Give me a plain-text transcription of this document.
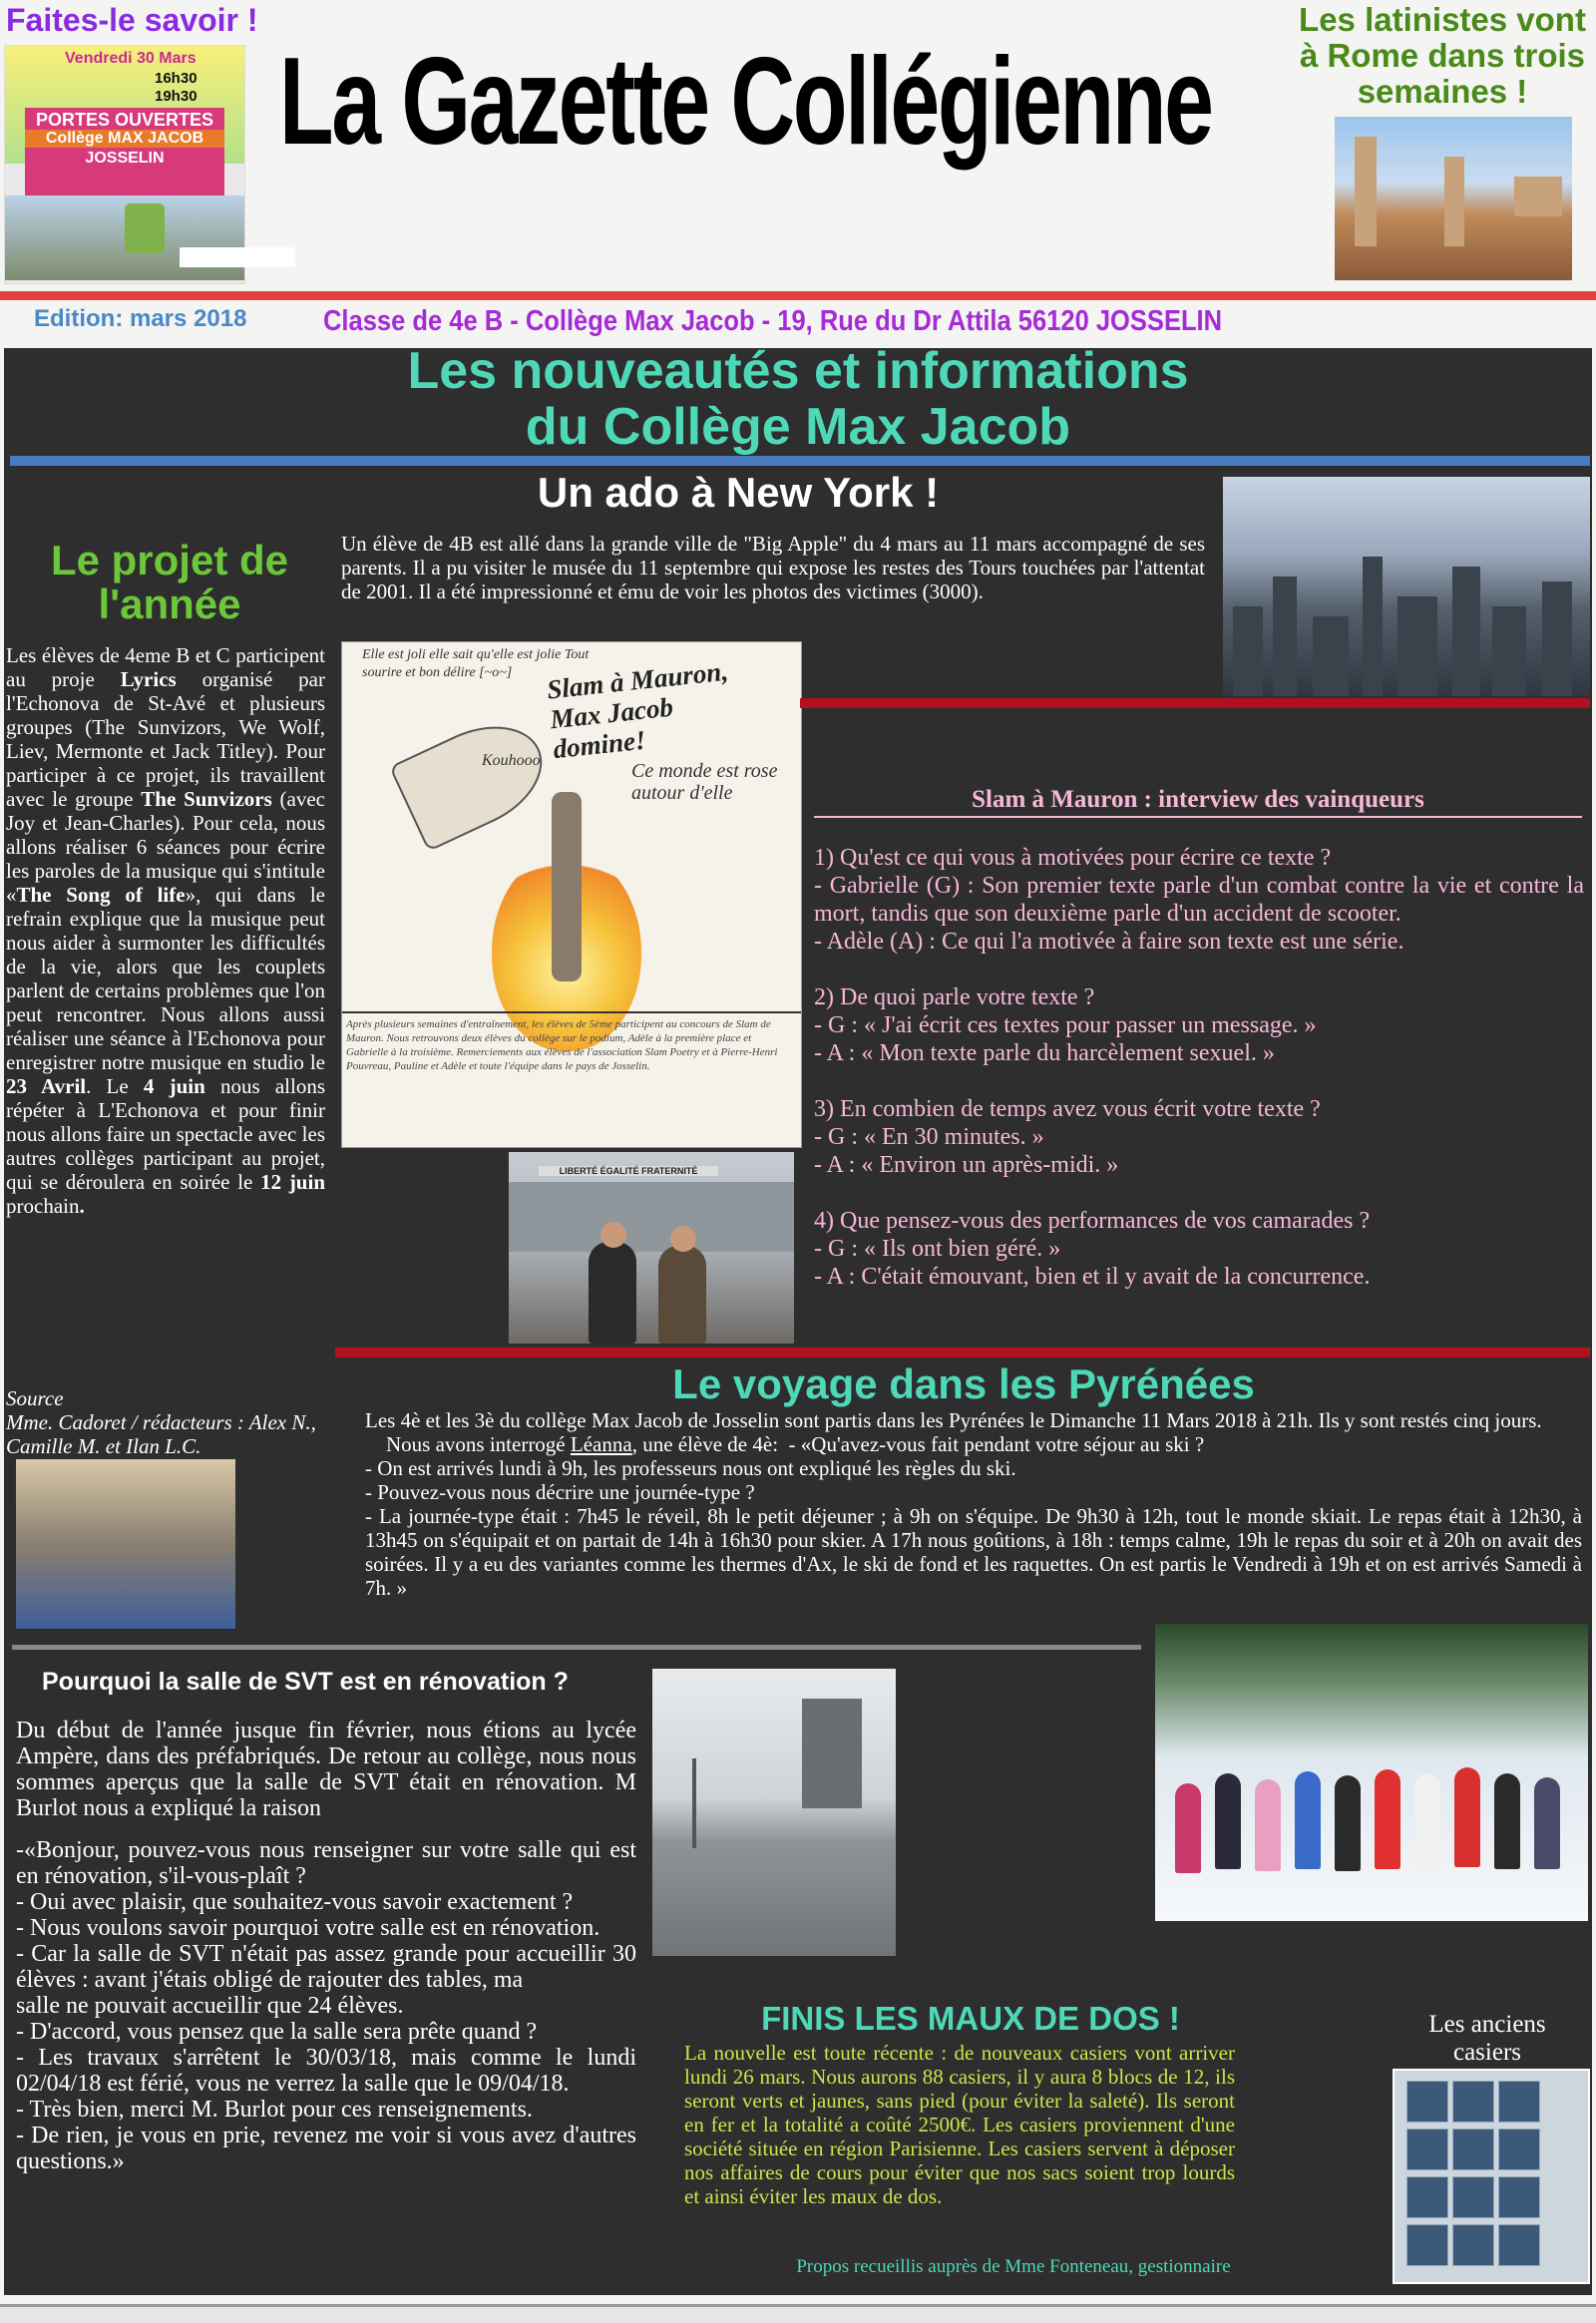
Faites-le savoir !
Vendredi 30 Mars
16h30
19h30
PORTES OUVERTES
Collège MAX JACOB
JOSSELIN La Gazette Collégienne
Les latinistes vont à Rome dans trois semaines !
Edition: mars 2018	Classe de 4e B - Collège Max Jacob - 19, Rue du Dr Attila 56120 JOSSELIN
Les nouveautés et informations
du Collège Max Jacob
Un ado à New York !
Un élève de 4B est allé dans la grande ville de "Big Apple" du 4 mars au 11 mars accompagné de ses parents. Il a pu visiter le musée du 11 septembre qui expose les restes des Tours touchées par l'attentat de 2001. Il a été impressionné et ému de voir les photos des victimes (3000).
Le projet de l'année
Les élèves de 4eme B et C participent au proje Lyrics organisé par l'Echonova de St-Avé et plusieurs groupes (The Sunvizors, We Wolf, Liev, Mermonte et Jack Titley). Pour participer à ce projet, ils travaillent avec le groupe The Sunvizors (avec Joy et Jean-Charles). Pour cela, nous allons réaliser 6 séances pour écrire les paroles de la musique qui s'intitule «The Song of life», qui dans le refrain explique que la musique peut nous aider à surmonter les difficultés de la vie, alors que les couplets parlent de certains problèmes que l'on peut rencontrer. Nous allons aussi réaliser une séance à l'Echonova pour enregistrer notre musique en studio le 23 Avril. Le 4 juin nous allons répéter à L'Echonova et pour finir nous allons faire un spectacle avec les autres collèges participant au projet, qui se déroulera en soirée le 12 juin prochain.
Source
Mme. Cadoret / rédacteurs : Alex N., Camille M. et Ilan L.C.
Elle est joli elle sait qu'elle est jolie Tout sourire et bon délire [~o~]	Slam à Mauron, Max Jacob domine!
Kouhooo	Ce monde est rose autour d'elle
Après plusieurs semaines d'entraînement, les élèves de 5ème participent au concours de Slam de Mauron. Nous retrouvons deux élèves du collège sur le podium, Adèle à la première place et Gabrielle à la troisième. Remerciements aux élèves de l'association Slam Poetry et à Pierre-Henri Pouvreau, Pauline et Adèle et toute l'équipe dans le pays de Josselin.
LIBERTÉ ÉGALITÉ FRATERNITÉ
Slam à Mauron : interview des vainqueurs

1) Qu'est ce qui vous à motivées pour écrire ce texte ?
- Gabrielle (G) : Son premier texte parle d'un combat contre la vie et contre la mort, tandis que son deuxième parle d'un accident de scooter.
- Adèle (A) : Ce qui l'a motivée à faire son texte est une série.

2) De quoi parle votre texte ?
- G : « J'ai écrit ces textes pour passer un message. »
- A : « Mon texte parle du harcèlement sexuel. »

3) En combien de temps avez vous écrit votre texte ?
- G : « En 30 minutes. »
- A : « Environ un après-midi. »

4) Que pensez-vous des performances de vos camarades ?
- G : « Ils ont bien géré. »
- A : C'était émouvant, bien et il y avait de la concurrence.

Le voyage dans les Pyrénées

Les 4è et les 3è du collège Max Jacob de Josselin sont partis dans les Pyrénées le Dimanche 11 Mars 2018 à 21h. Ils y sont restés cinq jours.

Nous avons interrogé Léanna, une élève de 4è:  - «Qu'avez-vous fait pendant votre séjour au ski ?

- On est arrivés lundi à 9h, les professeurs nous ont expliqué les règles du ski.

- Pouvez-vous nous décrire une journée-type ?

- La journée-type était : 7h45 le réveil, 8h le petit déjeuner ; à 9h on s'équipe. De 9h30 à 12h, tout le monde skiait. Le repas était à 12h30, à 13h45 on s'équipait et on partait de 14h à 16h30 pour skier. A 17h nous goûtions, à 18h : temps calme, 19h le repas du soir et à 20h on avait des soirées. Il y a eu des variantes comme les thermes d'Ax, le ski de fond et les raquettes. On est partis le Vendredi à 19h et on est arrivés Samedi à 7h. »

Pourquoi la salle de SVT est en rénovation ?

Du début de l'année jusque fin février, nous étions au lycée Ampère, dans des préfabriqués. De retour au collège, nous nous sommes aperçus que la salle de SVT était en rénovation. M Burlot nous a expliqué la raison

-«Bonjour, pouvez-vous nous renseigner sur votre salle qui est en rénovation, s'il-vous-plaît ?

- Oui avec plaisir, que souhaitez-vous savoir exactement ?

- Nous voulons savoir pourquoi votre salle est en rénovation.

- Car la salle de SVT n'était pas assez grande pour accueillir 30 élèves : avant j'étais obligé de rajouter des tables, ma

salle ne pouvait accueillir que 24 élèves.

- D'accord, vous pensez que la salle sera prête quand ?

- Les travaux s'arrêtent le 30/03/18, mais comme le lundi 02/04/18 est férié, vous ne verrez la salle que le 09/04/18.

- Très bien, merci M. Burlot pour ces renseignements.

- De rien, je vous en prie, revenez me voir si vous avez d'autres questions.»

FINIS LES MAUX DE DOS !
La nouvelle est toute récente : de nouveaux casiers vont arriver lundi 26 mars. Nous aurons 88 casiers, il y aura 8 blocs de 12, ils seront verts et jaunes, sans pied (pour éviter la saleté). Ils seront en fer et la totalité a coûté 2500€. Les casiers proviennent d'une société située en région Parisienne. Les casiers servent à déposer nos affaires de cours pour éviter que nos sacs soient trop lourds et ainsi éviter les maux de dos.
Propos recueillis auprès de Mme Fonteneau, gestionnaire
Les anciens casiers
